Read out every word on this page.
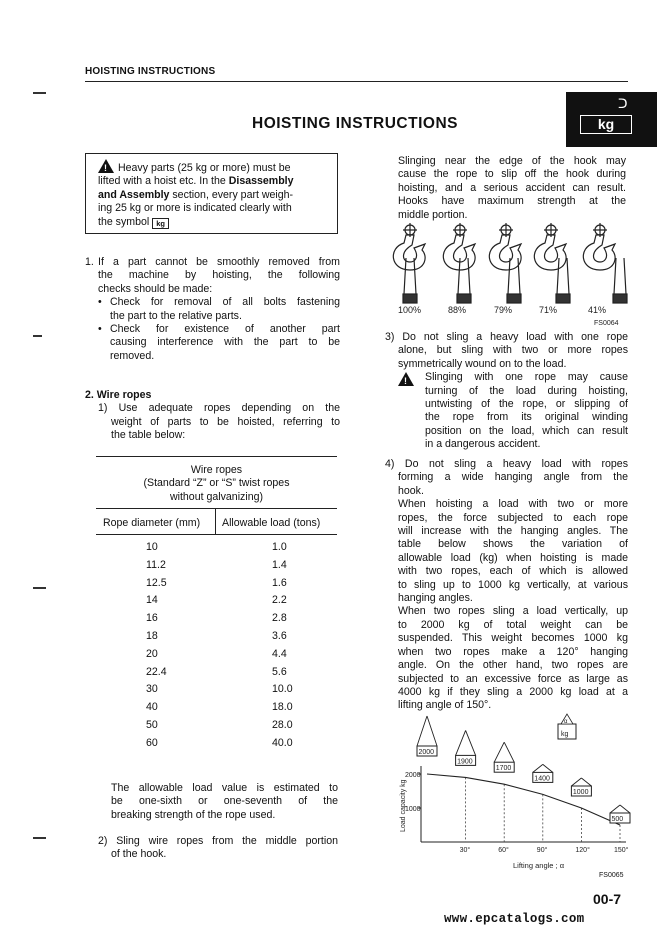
HOISTING INSTRUCTIONS
HOISTING INSTRUCTIONS
ᑐ
kg
!Heavy parts (25 kg or more) must be
lifted with a hoist etc. In the Disassembly
and Assembly section, every part weigh-
ing 25 kg or more is indicated clearly with
the symbol kg
1. If a part cannot be smoothly removed from
the machine by hoisting, the following
checks should be made:
• Check for removal of all bolts fastening
the part to the relative parts.
• Check for existence of another part
causing interference with the part to be
removed.
2. Wire ropes
1) Use adequate ropes depending on the
weight of parts to be hoisted, referring to
the table below:
Wire ropes
(Standard “Z” or “S” twist ropes
without galvanizing)
Rope diameter (mm) Allowable load (tons)
10	1.0
11.2	1.4
12.5	1.6
14	2.2
16	2.8
18	3.6
20	4.4
22.4	5.6
30	10.0
40	18.0
50	28.0
60	40.0
The allowable load value is estimated to
be one-sixth or one-seventh of the
breaking strength of the rope used.
2) Sling wire ropes from the middle portion
of the hook.
Slinging near the edge of the hook may
cause the rope to slip off the hook during
hoisting, and a serious accident can result.
Hooks have maximum strength at the
middle portion.
100%	88%	79%	71%	41%
FS0064
3) Do not sling a heavy load with one rope
alone, but sling with two or more ropes
symmetrically wound on to the load.
!
Slinging with one rope may cause
turning of the load during hoisting,
untwisting of the rope, or slipping of
the rope from its original winding
position on the load, which can result
in a dangerous accident.
4) Do not sling a heavy load with ropes
forming a wide hanging angle from the
hook.
When hoisting a load with two or more
ropes, the force subjected to each rope
will increase with the hanging angles. The
table below shows the variation of
allowable load (kg) when hoisting is made
with two ropes, each of which is allowed
to sling up to 1000 kg vertically, at various
hanging angles.
When two ropes sling a load vertically, up
to 2000 kg of total weight can be
suspended. This weight becomes 1000 kg
when two ropes make a 120° hanging
angle. On the other hand, two ropes are
subjected to an excessive force as large as
4000 kg if they sling a 2000 kg load at a
lifting angle of 150°.
2000
1000
30°	60°	90°	120°	150°
2000
1900
1700
1400
1000
500
kg
α
Load capacity kg
Lifting angle ; α
FS0065
00-7
www.epcatalogs.com
